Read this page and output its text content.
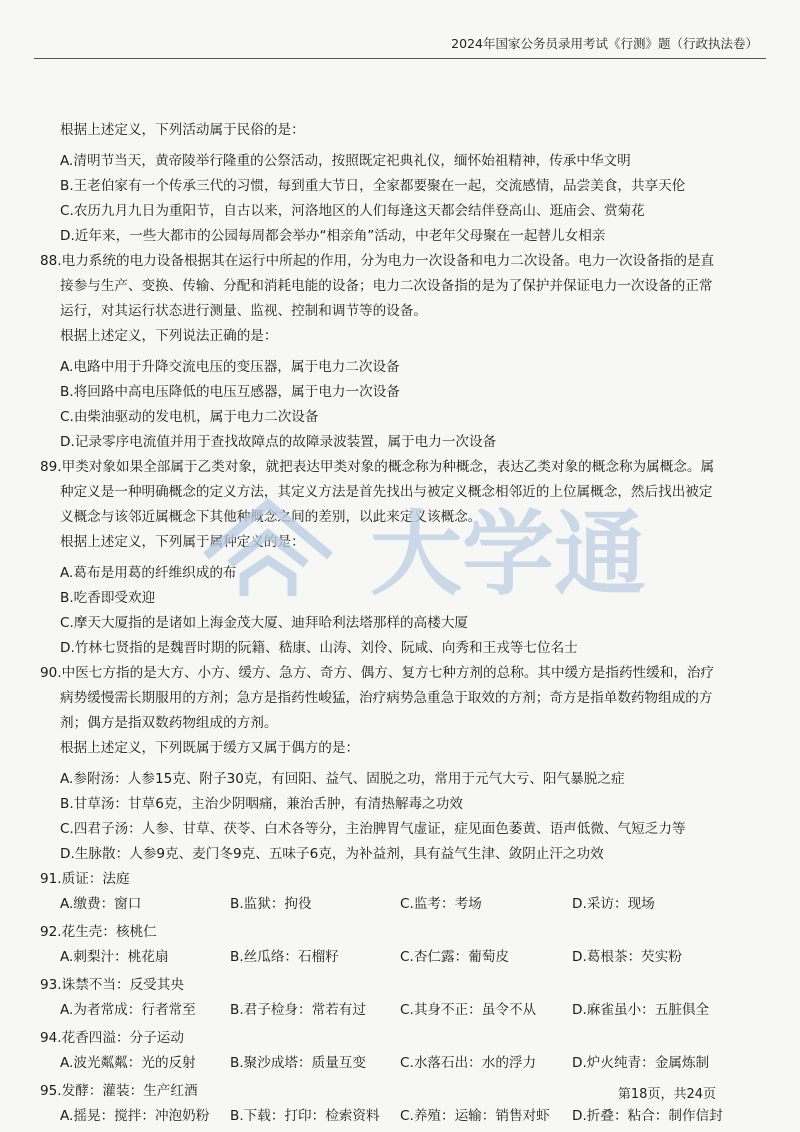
2024年国家公务员录用考试《行测》题（行政执法卷）
根据上述定义，下列活动属于民俗的是：
A.清明节当天，黄帝陵举行隆重的公祭活动，按照既定祀典礼仪，缅怀始祖精神，传承中华文明
B.王老伯家有一个传承三代的习惯，每到重大节日，全家都要聚在一起，交流感情，品尝美食，共享天伦
C.农历九月九日为重阳节，自古以来，河洛地区的人们每逢这天都会结伴登高山、逛庙会、赏菊花
D.近年来，一些大都市的公园每周都会举办“相亲角”活动，中老年父母聚在一起替儿女相亲
88.电力系统的电力设备根据其在运行中所起的作用，分为电力一次设备和电力二次设备。电力一次设备指的是直
接参与生产、变换、传输、分配和消耗电能的设备；电力二次设备指的是为了保护并保证电力一次设备的正常
运行，对其运行状态进行测量、监视、控制和调节等的设备。
根据上述定义，下列说法正确的是：
A.电路中用于升降交流电压的变压器，属于电力二次设备
B.将回路中高电压降低的电压互感器，属于电力一次设备
C.由柴油驱动的发电机，属于电力二次设备
D.记录零序电流值并用于查找故障点的故障录波装置，属于电力一次设备
89.甲类对象如果全部属于乙类对象，就把表达甲类对象的概念称为种概念，表达乙类对象的概念称为属概念。属
种定义是一种明确概念的定义方法，其定义方法是首先找出与被定义概念相邻近的上位属概念，然后找出被定
义概念与该邻近属概念下其他种概念之间的差别，以此来定义该概念。
根据上述定义，下列属于属种定义的是：
A.葛布是用葛的纤维织成的布
B.吃香即受欢迎
C.摩天大厦指的是诸如上海金茂大厦、迪拜哈利法塔那样的高楼大厦
D.竹林七贤指的是魏晋时期的阮籍、嵇康、山涛、刘伶、阮咸、向秀和王戎等七位名士
90.中医七方指的是大方、小方、缓方、急方、奇方、偶方、复方七种方剂的总称。其中缓方是指药性缓和，治疗
病势缓慢需长期服用的方剂；急方是指药性峻猛，治疗病势急重急于取效的方剂；奇方是指单数药物组成的方
剂；偶方是指双数药物组成的方剂。
根据上述定义，下列既属于缓方又属于偶方的是：
A.参附汤：人参15克、附子30克，有回阳、益气、固脱之功，常用于元气大亏、阳气暴脱之症
B.甘草汤：甘草6克，主治少阴咽痛，兼治舌肿，有清热解毒之功效
C.四君子汤：人参、甘草、茯苓、白术各等分，主治脾胃气虚证，症见面色萎黄、语声低微、气短乏力等
D.生脉散：人参9克、麦门冬9克、五味子6克，为补益剂，具有益气生津、敛阴止汗之功效
91.质证：法庭
A.缴费：窗口	B.监狱：拘役	C.监考：考场	D.采访：现场
92.花生壳：核桃仁
A.刺梨汁：桃花扇	B.丝瓜络：石榴籽	C.杏仁露：葡萄皮	D.葛根茶：芡实粉
93.诛禁不当：反受其央
A.为者常成：行者常至	B.君子检身：常若有过	C.其身不正：虽令不从	D.麻雀虽小：五脏俱全
94.花香四溢：分子运动
A.波光粼粼：光的反射	B.聚沙成塔：质量互变	C.水落石出：水的浮力	D.炉火纯青：金属炼制
95.发酵：灌装：生产红酒
A.摇晃：搅拌：冲泡奶粉	B.下载：打印：检索资料	C.养殖：运输：销售对虾	D.折叠：粘合：制作信封
大学通
第18页，共24页
